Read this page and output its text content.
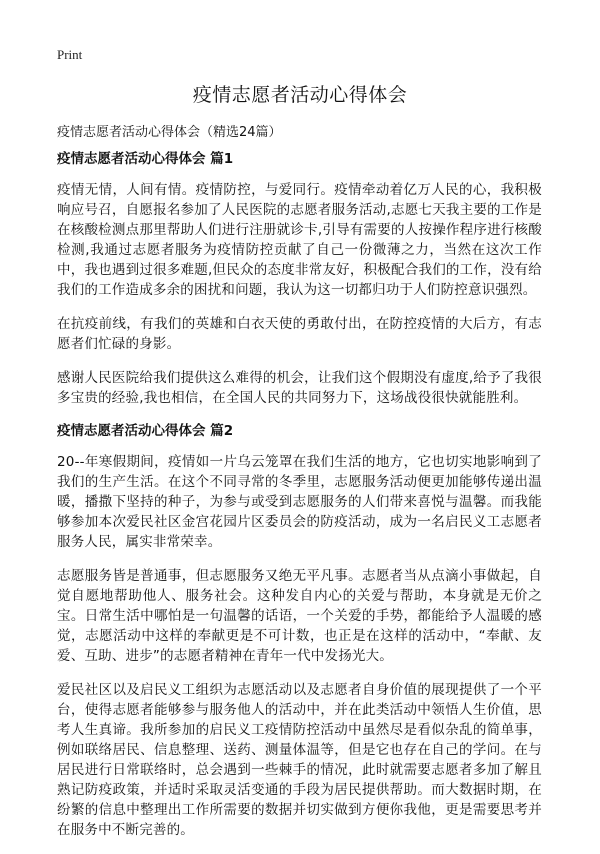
Print
疫情志愿者活动心得体会

疫情志愿者活动心得体会（精选24篇）

疫情志愿者活动心得体会 篇1

疫情无情，人间有情。疫情防控，与爱同行。疫情牵动着亿万人民的心，我积极响应号召，自愿报名参加了人民医院的志愿者服务活动,志愿七天我主要的工作是在核酸检测点那里帮助人们进行注册就诊卡,引导有需要的人按操作程序进行核酸检测,我通过志愿者服务为疫情防控贡献了自己一份微薄之力，当然在这次工作中，我也遇到过很多难题,但民众的态度非常友好，积极配合我们的工作，没有给我们的工作造成多余的困扰和问题，我认为这一切都归功于人们防控意识强烈。

在抗疫前线，有我们的英雄和白衣天使的勇敢付出，在防控疫情的大后方，有志愿者们忙碌的身影。

感谢人民医院给我们提供这么难得的机会，让我们这个假期没有虚度,给予了我很多宝贵的经验,我也相信，在全国人民的共同努力下，这场战役很快就能胜利。

疫情志愿者活动心得体会 篇2

20--年寒假期间，疫情如一片乌云笼罩在我们生活的地方，它也切实地影响到了我们的生产生活。在这个不同寻常的冬季里，志愿服务活动便更加能够传递出温暖，播撒下坚持的种子，为参与或受到志愿服务的人们带来喜悦与温馨。而我能够参加本次爱民社区金宫花园片区委员会的防疫活动，成为一名启民义工志愿者服务人民，属实非常荣幸。

志愿服务皆是普通事，但志愿服务又绝无平凡事。志愿者当从点滴小事做起，自觉自愿地帮助他人、服务社会。这种发自内心的关爱与帮助，本身就是无价之宝。日常生活中哪怕是一句温馨的话语，一个关爱的手势，都能给予人温暖的感觉，志愿活动中这样的奉献更是不可计数，也正是在这样的活动中，“奉献、友爱、互助、进步”的志愿者精神在青年一代中发扬光大。

爱民社区以及启民义工组织为志愿活动以及志愿者自身价值的展现提供了一个平台，使得志愿者能够参与服务他人的活动中，并在此类活动中领悟人生价值，思考人生真谛。我所参加的启民义工疫情防控活动中虽然尽是看似杂乱的简单事，例如联络居民、信息整理、送药、测量体温等，但是它也存在自己的学问。在与居民进行日常联络时，总会遇到一些棘手的情况，此时就需要志愿者多加了解且熟记防疫政策，并适时采取灵活变通的手段为居民提供帮助。而大数据时期，在纷繁的信息中整理出工作所需要的数据并切实做到方便你我他，更是需要思考并在服务中不断完善的。
